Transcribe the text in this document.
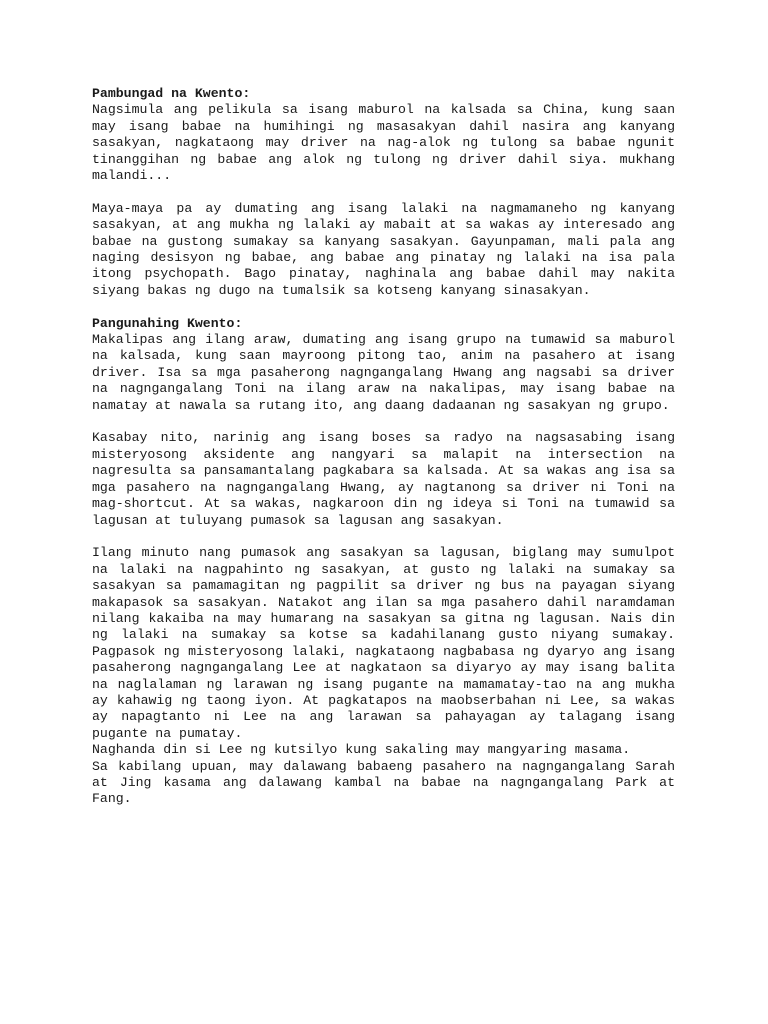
Pambungad na Kwento:

Nagsimula ang pelikula sa isang maburol na kalsada sa China, kung saan may isang babae na humihingi ng masasakyan dahil nasira ang kanyang sasakyan, nagkataong may driver na nag-alok ng tulong sa babae ngunit tinanggihan ng babae ang alok ng tulong ng driver dahil siya. mukhang malandi...

Maya-maya pa ay dumating ang isang lalaki na nagmamaneho ng kanyang sasakyan, at ang mukha ng lalaki ay mabait at sa wakas ay interesado ang babae na gustong sumakay sa kanyang sasakyan. Gayunpaman, mali pala ang naging desisyon ng babae, ang babae ang pinatay ng lalaki na isa pala itong psychopath. Bago pinatay, naghinala ang babae dahil may nakita siyang bakas ng dugo na tumalsik sa kotseng kanyang sinasakyan.

Pangunahing Kwento:

Makalipas ang ilang araw, dumating ang isang grupo na tumawid sa maburol na kalsada, kung saan mayroong pitong tao, anim na pasahero at isang driver. Isa sa mga pasaherong nagngangalang Hwang ang nagsabi sa driver na nagngangalang Toni na ilang araw na nakalipas, may isang babae na namatay at nawala sa rutang ito, ang daang dadaanan ng sasakyan ng grupo.

Kasabay nito, narinig ang isang boses sa radyo na nagsasabing isang misteryosong aksidente ang nangyari sa malapit na intersection na nagresulta sa pansamantalang pagkabara sa kalsada. At sa wakas ang isa sa mga pasahero na nagngangalang Hwang, ay nagtanong sa driver ni Toni na mag-shortcut. At sa wakas, nagkaroon din ng ideya si Toni na tumawid sa lagusan at tuluyang pumasok sa lagusan ang sasakyan.

Ilang minuto nang pumasok ang sasakyan sa lagusan, biglang may sumulpot na lalaki na nagpahinto ng sasakyan, at gusto ng lalaki na sumakay sa sasakyan sa pamamagitan ng pagpilit sa driver ng bus na payagan siyang makapasok sa sasakyan. Natakot ang ilan sa mga pasahero dahil naramdaman nilang kakaiba na may humarang na sasakyan sa gitna ng lagusan. Nais din ng lalaki na sumakay sa kotse sa kadahilanang gusto niyang sumakay. Pagpasok ng misteryosong lalaki, nagkataong nagbabasa ng dyaryo ang isang pasaherong nagngangalang Lee at nagkataon sa diyaryo ay may isang balita na naglalaman ng larawan ng isang pugante na mamamatay-tao na ang mukha ay kahawig ng taong iyon. At pagkatapos na maobserbahan ni Lee, sa wakas ay napagtanto ni Lee na ang larawan sa pahayagan ay talagang isang pugante na pumatay.

Naghanda din si Lee ng kutsilyo kung sakaling may mangyaring masama.

Sa kabilang upuan, may dalawang babaeng pasahero na nagngangalang Sarah at Jing kasama ang dalawang kambal na babae na nagngangalang Park at Fang.
